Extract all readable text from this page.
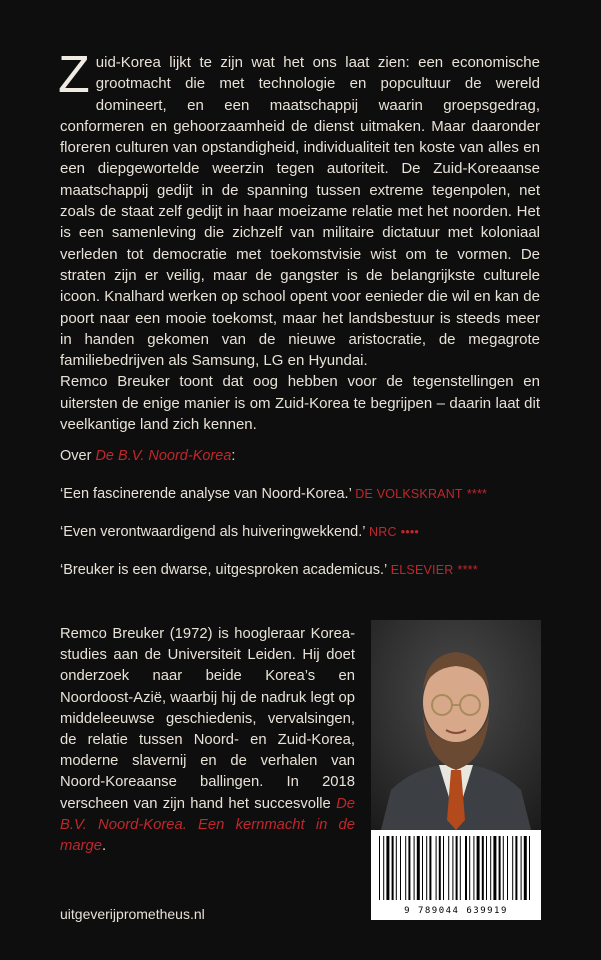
Zuid-Korea lijkt te zijn wat het ons laat zien: een economische grootmacht die met technologie en popcultuur de wereld domineert, en een maatschappij waarin groepsgedrag, conformeren en gehoorzaamheid de dienst uitmaken. Maar daaronder floreren culturen van opstandigheid, individualiteit ten koste van alles en een diepgewortelde weerzin tegen autoriteit. De Zuid-Koreaanse maatschappij gedijt in de spanning tussen extreme tegenpolen, net zoals de staat zelf gedijt in haar moeizame relatie met het noorden. Het is een samenleving die zichzelf van militaire dictatuur met koloniaal verleden tot democratie met toekomstvisie wist om te vormen. De straten zijn er veilig, maar de gangster is de belangrijkste culturele icoon. Knalhard werken op school opent voor eenieder die wil en kan de poort naar een mooie toekomst, maar het landsbestuur is steeds meer in handen gekomen van de nieuwe aristocratie, de megagrote familiebedrijven als Samsung, LG en Hyundai.

Remco Breuker toont dat oog hebben voor de tegenstellingen en uitersten de enige manier is om Zuid-Korea te begrijpen – daarin laat dit veelkantige land zich kennen.

Over De B.V. Noord-Korea:
‘Een fascinerende analyse van Noord-Korea.’ DE VOLKSKRANT ****
‘Even verontwaardigend als huiveringwekkend.’ NRC ••••
‘Breuker is een dwarse, uitgesproken academicus.’ ELSEVIER ****
Remco Breuker (1972) is hoogleraar Koreastudies aan de Universiteit Leiden. Hij doet onderzoek naar beide Korea’s en Noordoost-Azië, waarbij hij de nadruk legt op middeleeuwse geschiedenis, vervalsingen, de relatie tussen Noord- en Zuid-Korea, moderne slavernij en de verhalen van Noord-Koreaanse ballingen. In 2018 verscheen van zijn hand het succesvolle De B.V. Noord-Korea. Een kernmacht in de marge.
9 789044 639919
uitgeverijprometheus.nl
